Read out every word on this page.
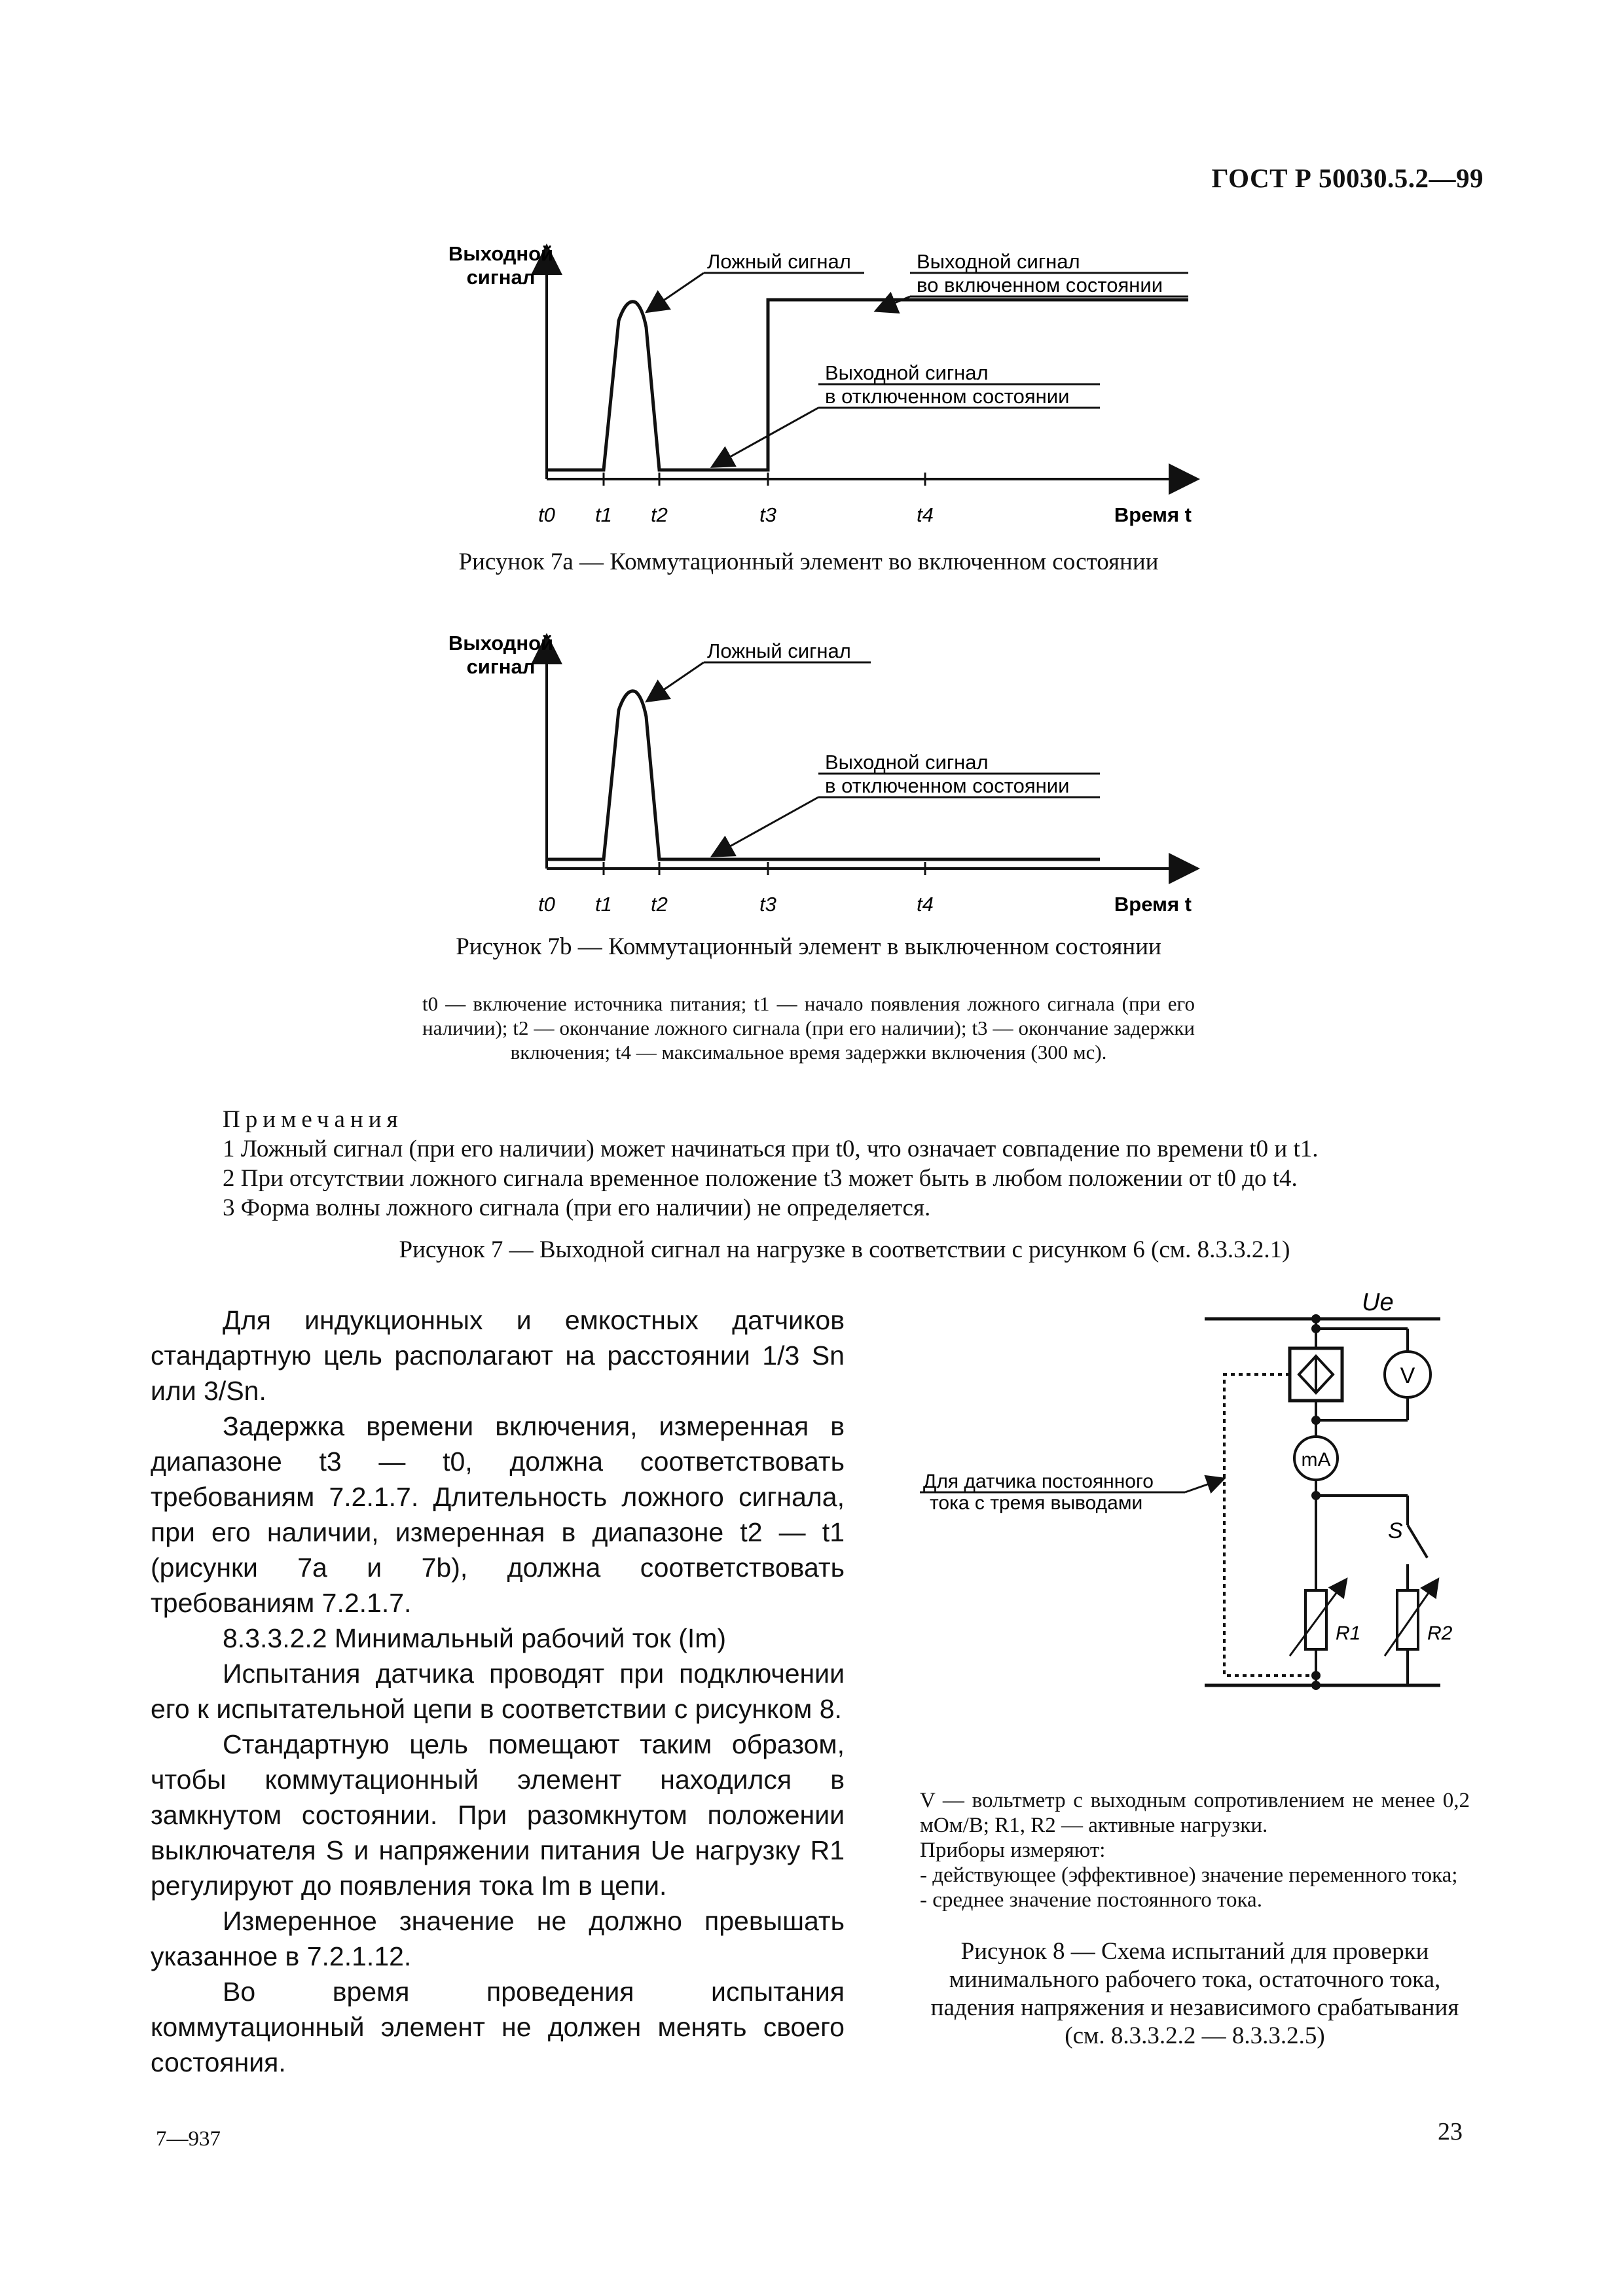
ГОСТ Р 50030.5.2—99
Выходной
сигнал
Ложный сигнал	Выходной сигнал
во включенном состоянии
Выходной сигнал
в отключенном состоянии
t0 t1 t2	t3	t4	Время t
Рисунок 7a — Коммутационный элемент во включенном состоянии
Выходной
сигнал
Ложный сигнал
Выходной сигнал
в отключенном состоянии
t0 t1 t2	t3	t4	Время t
Рисунок 7b — Коммутационный элемент в выключенном состоянии
t0 — включение источника питания; t1 — начало появления ложного сигнала (при его наличии); t2 — окончание ложного сигнала (при его наличии); t3 — окончание задержки включения; t4 — максимальное время задержки включения (300 мс).

Примечания

1 Ложный сигнал (при его наличии) может начинаться при t0, что означает совпадение по времени t0 и t1.

2 При отсутствии ложного сигнала временное положение t3 может быть в любом положении от t0 до t4.

3 Форма волны ложного сигнала (при его наличии) не определяется.

Рисунок 7 — Выходной сигнал на нагрузке в соответствии с рисунком 6 (см. 8.3.3.2.1)

Для индукционных и емкостных датчиков стандартную цель располагают на расстоянии 1/3 Sn или 3/Sn.

Задержка времени включения, измеренная в диапазоне t3 — t0, должна соответствовать требованиям 7.2.1.7. Длительность ложного сигнала, при его наличии, измеренная в диапазоне t2 — t1 (рисунки 7а и 7b), должна соответствовать требованиям 7.2.1.7.

8.3.3.2.2 Минимальный рабочий ток (Im)

Испытания датчика проводят при подключении его к испытательной цепи в соответствии с рисунком 8.

Стандартную цель помещают таким образом, чтобы коммутационный элемент находился в замкнутом состоянии. При разомкнутом положении выключателя S и напряжении питания Ue нагрузку R1 регулируют до появления тока Im в цепи.

Измеренное значение не должно превышать указанное в 7.2.1.12.

Во время проведения испытания коммутационный элемент не должен менять своего состояния.

Ue
V
mA
S
R1	R2
Для датчика постоянного
тока с тремя выводами

V — вольтметр с выходным сопротивлением не менее 0,2 мОм/В; R1, R2 — активные нагрузки.

Приборы измеряют:

- действующее (эффективное) значение переменного тока;

- среднее значение постоянного тока.

Рисунок 8 — Схема испытаний для проверки минимального рабочего тока, остаточного тока, падения напряжения и независимого срабатывания (см. 8.3.3.2.2 — 8.3.3.2.5)
7—937	23
